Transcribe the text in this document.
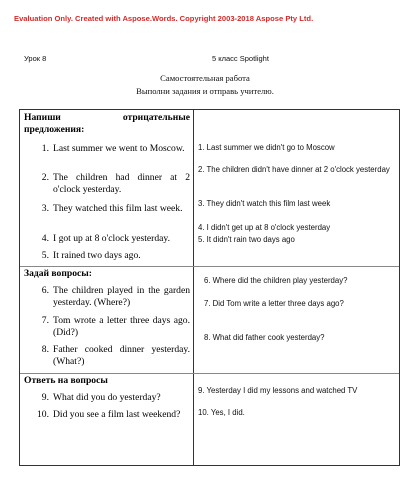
Evaluation Only. Created with Aspose.Words. Copyright 2003-2018 Aspose Pty Ltd.
Урок 8	5 класс Spotlight
Самостоятельная работа
Выполни задания и отправь учителю.
Напиши	отрицательные
предложения:
1. Last summer we went to Moscow.
2. The children had dinner at 2 o'clock yesterday.
3. They watched this film last week.
4. I got up at 8 o'clock yesterday.
5. It rained two days ago.
Задай вопросы:
6. The children played in the garden yesterday. (Where?)
7. Tom wrote a letter three days ago. (Did?)
8. Father cooked dinner yesterday. (What?)
Ответь на вопросы
9. What did you do yesterday?
10. Did you see a film last weekend?
1. Last summer we didn't go to Moscow
2. The children didn't have dinner at 2 o'clock yesterday
3. They didn't watch this film last week
4. I didn't get up at 8 o'clock yesterday
5. It didn't rain two days ago
6. Where did the children play yesterday?
7. Did Tom write a letter three days ago?
8. What did father cook yesterday?
9. Yesterday I did my lessons and watched TV
10. Yes, I did.
